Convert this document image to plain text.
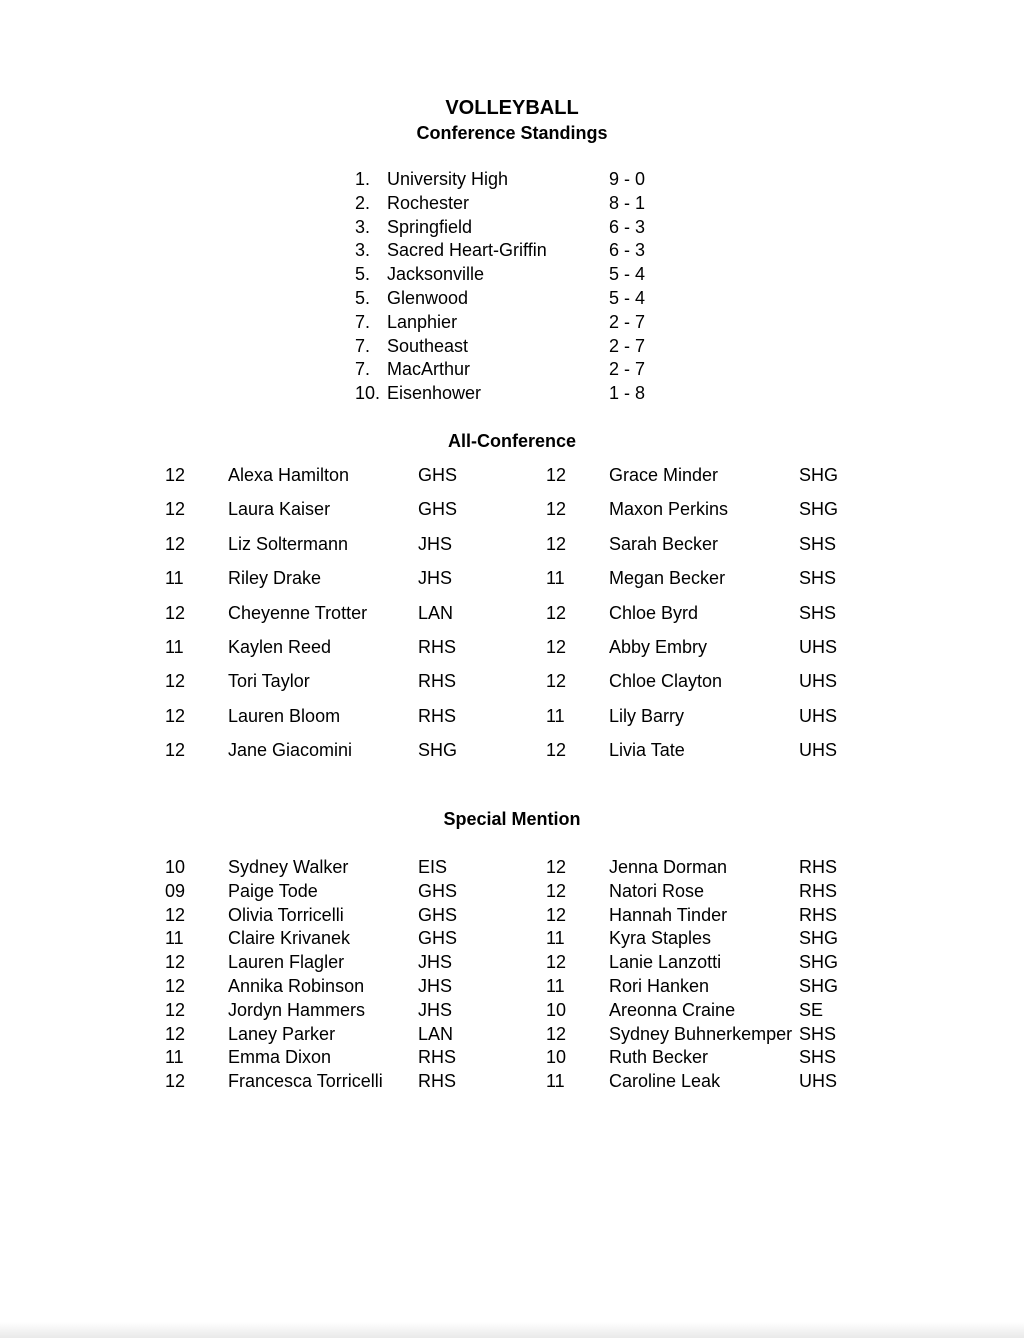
VOLLEYBALL
Conference Standings
1. University High	9 - 0
2. Rochester	8 - 1
3. Springfield	6 - 3
3. Sacred Heart-Griffin	6 - 3
5. Jacksonville	5 - 4
5. Glenwood	5 - 4
7. Lanphier	2 - 7
7. Southeast	2 - 7
7. MacArthur	2 - 7
10. Eisenhower	1 - 8
All-Conference
12 Alexa Hamilton	GHS	12 Grace Minder	SHG
12 Laura Kaiser	GHS	12 Maxon Perkins	SHG
12 Liz Soltermann	JHS	12 Sarah Becker	SHS
11 Riley Drake	JHS	11 Megan Becker	SHS
12 Cheyenne Trotter	LAN	12 Chloe Byrd	SHS
11 Kaylen Reed	RHS	12 Abby Embry	UHS
12 Tori Taylor	RHS	12 Chloe Clayton	UHS
12 Lauren Bloom	RHS	11 Lily Barry	UHS
12 Jane Giacomini	SHG	12 Livia Tate	UHS
Special Mention
10 Sydney Walker	EIS	12 Jenna Dorman	RHS
09 Paige Tode	GHS	12 Natori Rose	RHS
12 Olivia Torricelli	GHS	12 Hannah Tinder	RHS
11 Claire Krivanek	GHS	11 Kyra Staples	SHG
12 Lauren Flagler	JHS	12 Lanie Lanzotti	SHG
12 Annika Robinson	JHS	11 Rori Hanken	SHG
12 Jordyn Hammers	JHS	10 Areonna Craine	SE
12 Laney Parker	LAN	12 Sydney Buhnerkemper SHS
11 Emma Dixon	RHS	10 Ruth Becker	SHS
12 Francesca Torricelli RHS	11 Caroline Leak	UHS
